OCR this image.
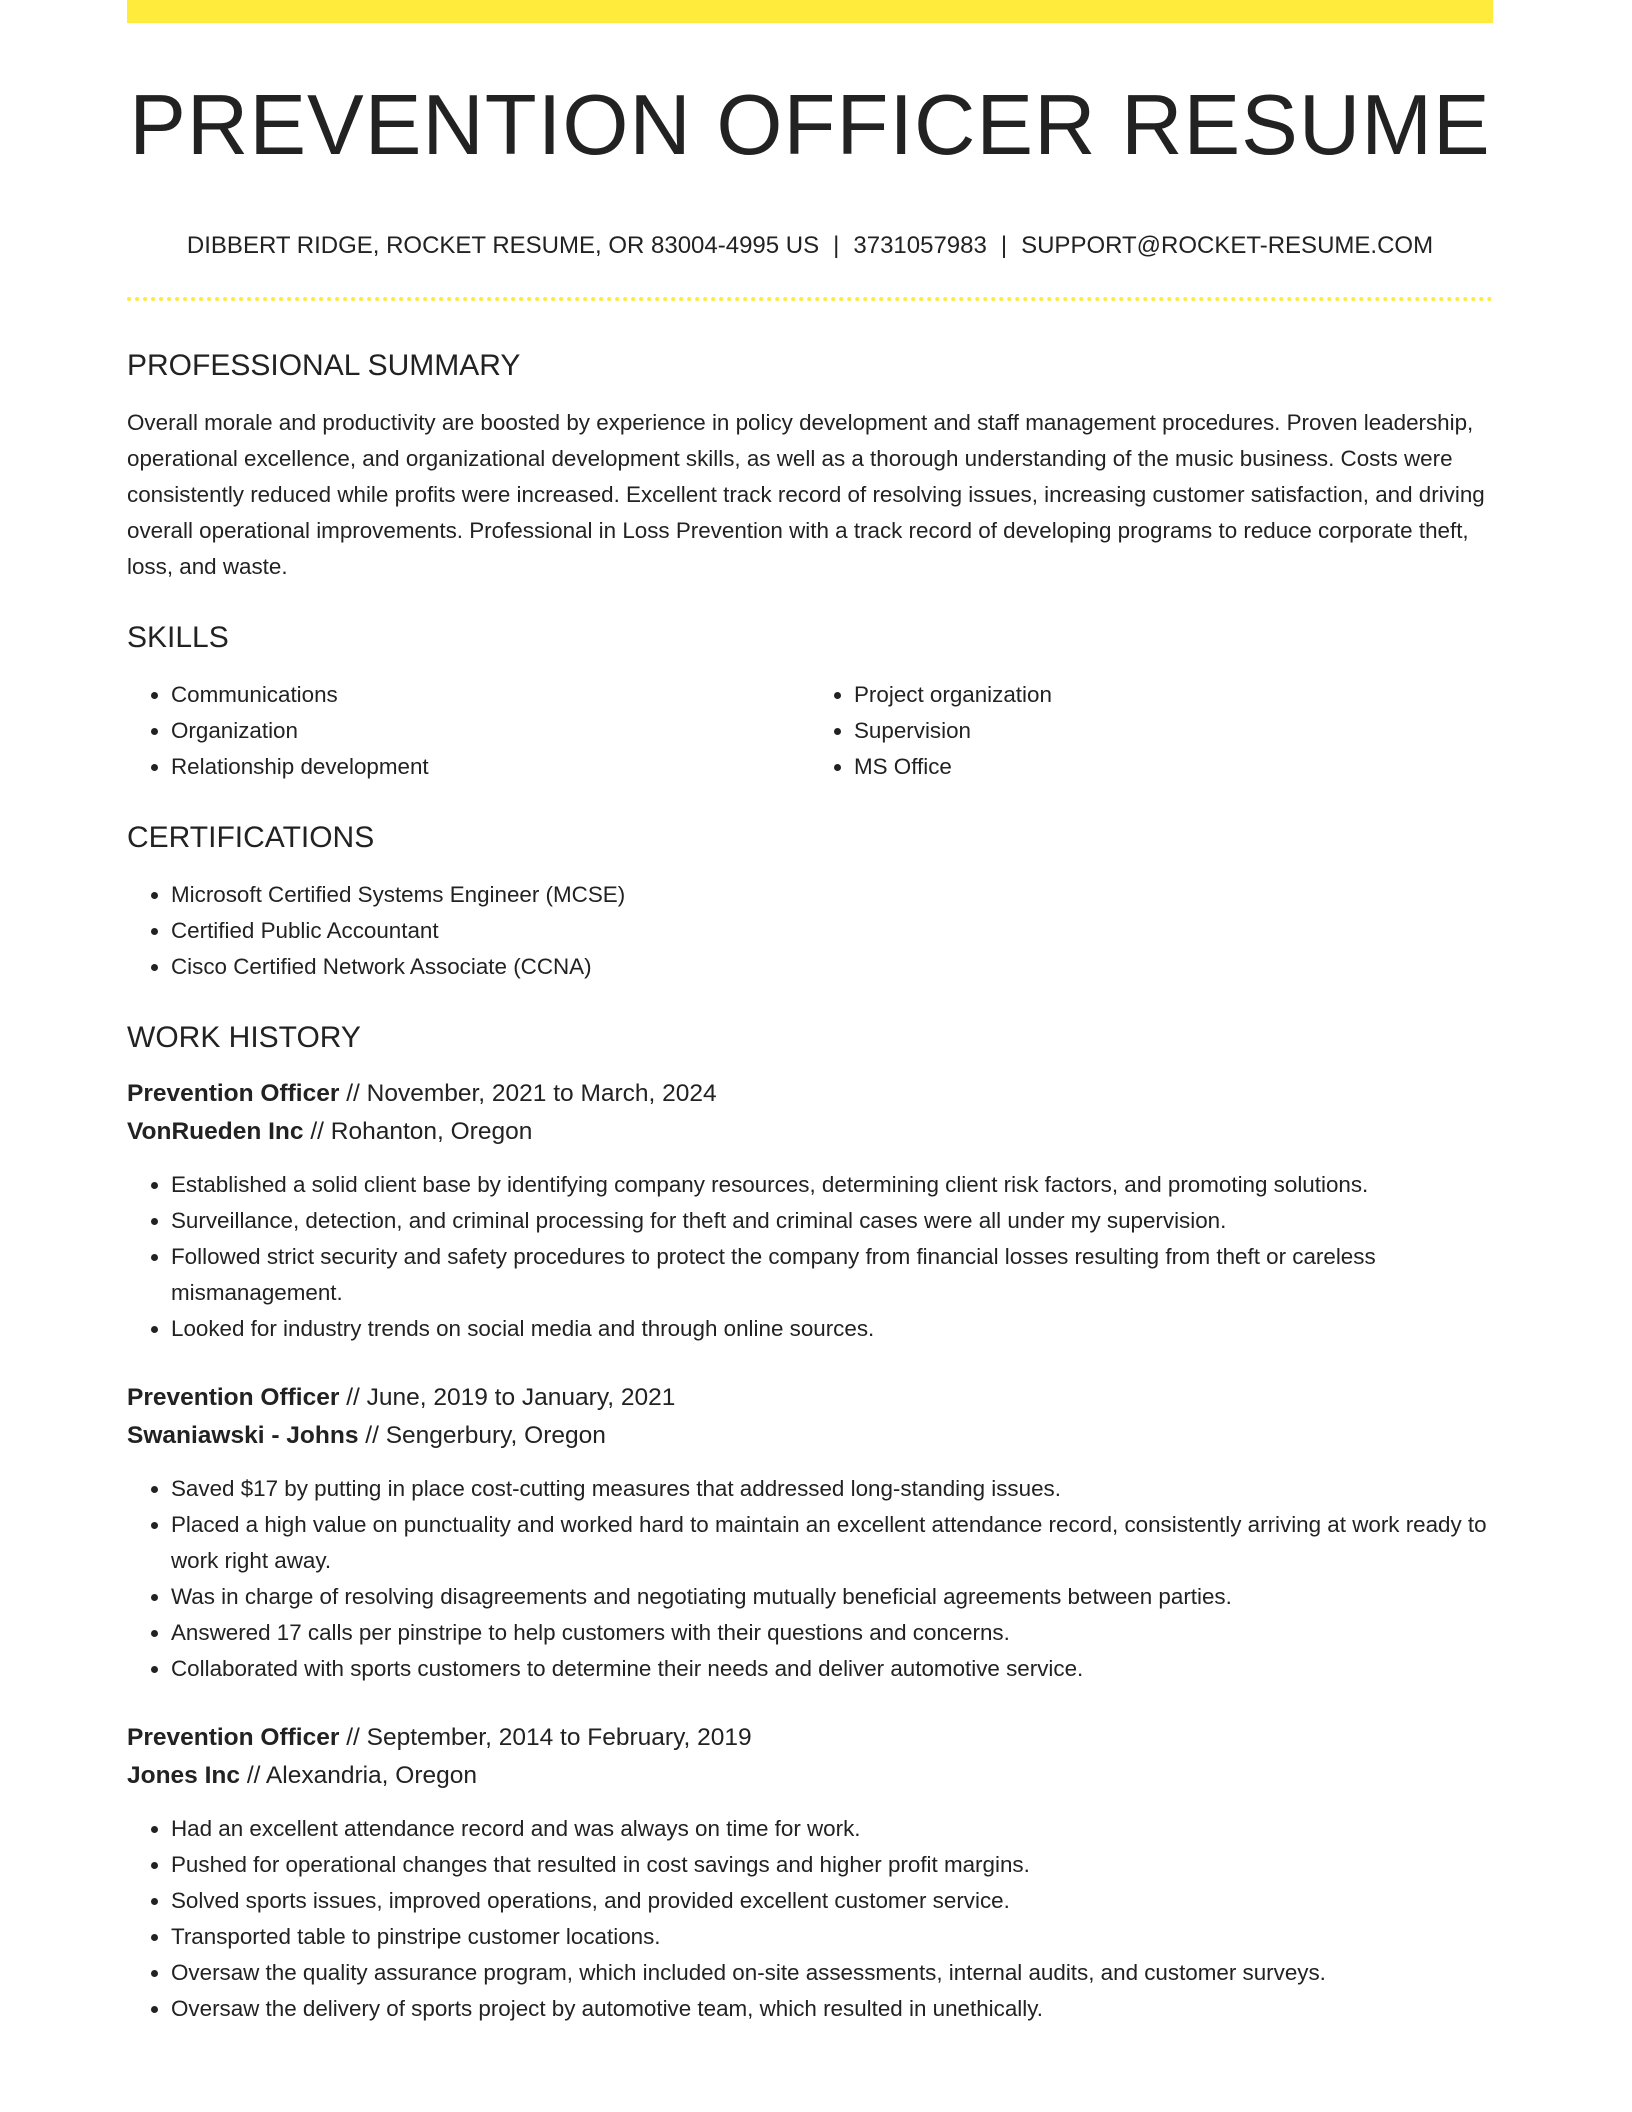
PREVENTION OFFICER RESUME
DIBBERT RIDGE, ROCKET RESUME, OR 83004-4995 US | 3731057983 | SUPPORT@ROCKET-RESUME.COM
PROFESSIONAL SUMMARY

Overall morale and productivity are boosted by experience in policy development and staff management procedures. Proven leadership, operational excellence, and organizational development skills, as well as a thorough understanding of the music business. Costs were consistently reduced while profits were increased. Excellent track record of resolving issues, increasing customer satisfaction, and driving overall operational improvements. Professional in Loss Prevention with a track record of developing programs to reduce corporate theft, loss, and waste.

SKILLS
• Communications
• Organization
• Relationship development
• Project organization
• Supervision
• MS Office
CERTIFICATIONS
• Microsoft Certified Systems Engineer (MCSE)
• Certified Public Accountant
• Cisco Certified Network Associate (CCNA)
WORK HISTORY
Prevention Officer // November, 2021 to March, 2024
VonRueden Inc // Rohanton, Oregon
• Established a solid client base by identifying company resources, determining client risk factors, and promoting solutions.
• Surveillance, detection, and criminal processing for theft and criminal cases were all under my supervision.
• Followed strict security and safety procedures to protect the company from financial losses resulting from theft or careless mismanagement.
• Looked for industry trends on social media and through online sources.
Prevention Officer // June, 2019 to January, 2021
Swaniawski - Johns // Sengerbury, Oregon
• Saved $17 by putting in place cost-cutting measures that addressed long-standing issues.
• Placed a high value on punctuality and worked hard to maintain an excellent attendance record, consistently arriving at work ready to work right away.
• Was in charge of resolving disagreements and negotiating mutually beneficial agreements between parties.
• Answered 17 calls per pinstripe to help customers with their questions and concerns.
• Collaborated with sports customers to determine their needs and deliver automotive service.
Prevention Officer // September, 2014 to February, 2019
Jones Inc // Alexandria, Oregon
• Had an excellent attendance record and was always on time for work.
• Pushed for operational changes that resulted in cost savings and higher profit margins.
• Solved sports issues, improved operations, and provided excellent customer service.
• Transported table to pinstripe customer locations.
• Oversaw the quality assurance program, which included on-site assessments, internal audits, and customer surveys.
• Oversaw the delivery of sports project by automotive team, which resulted in unethically.
